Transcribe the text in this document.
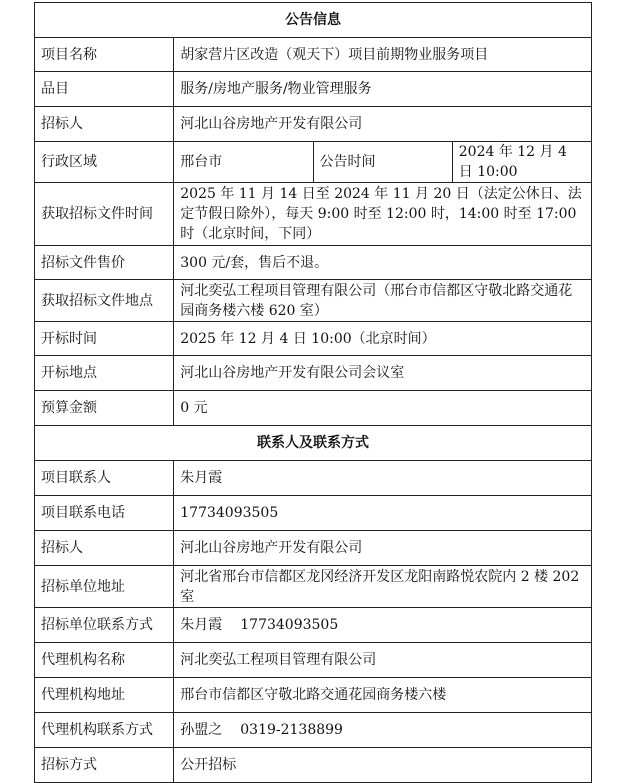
公告信息			
项目名称	胡家营片区改造（观天下）项目前期物业服务项目		
品目	服务/房地产服务/物业管理服务		
招标人	河北山谷房地产开发有限公司		
行政区域	邢台市	公告时间	2024 年 12 月 4 日 10:00
获取招标文件时间	2025 年 11 月 14 日至 2024 年 11 月 20 日（法定公休日、法定节假日除外），每天 9:00 时至 12:00 时，14:00 时至 17:00 时（北京时间，下同）		
招标文件售价	300 元/套，售后不退。		
获取招标文件地点	河北奕弘工程项目管理有限公司（邢台市信都区守敬北路交通花园商务楼六楼 620 室）		
开标时间	2025 年 12 月 4 日 10:00（北京时间）		
开标地点	河北山谷房地产开发有限公司会议室		
预算金额	0 元		
联系人及联系方式			
项目联系人	朱月霞		
项目联系电话	17734093505		
招标人	河北山谷房地产开发有限公司		
招标单位地址	河北省邢台市信都区龙冈经济开发区龙阳南路悦农院内 2 楼 202 室		
招标单位联系方式	朱月霞 17734093505		
代理机构名称	河北奕弘工程项目管理有限公司		
代理机构地址	邢台市信都区守敬北路交通花园商务楼六楼		
代理机构联系方式	孙盟之 0319-2138899		
招标方式	公开招标		
